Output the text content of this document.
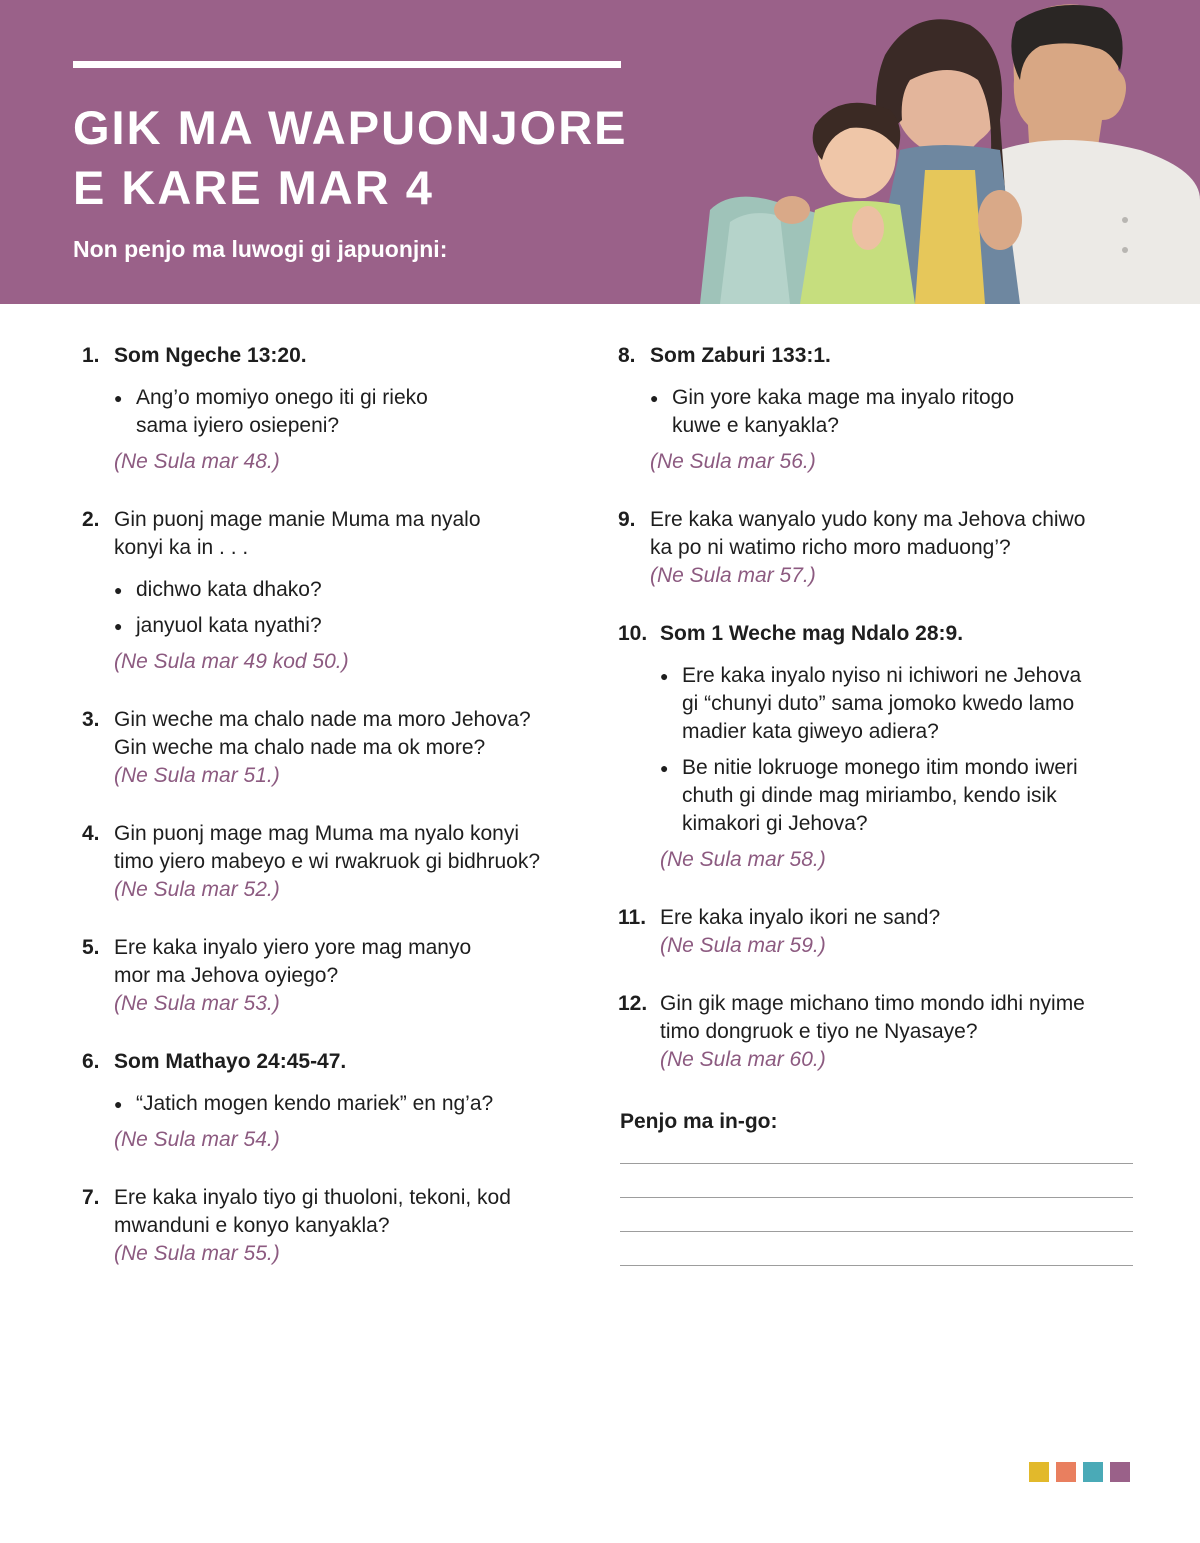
GIK MA WAPUONJORE
E KARE MAR 4

Non penjo ma luwogi gi japuonjni:

1. Som Ngeche 13:20.

● Ang’o momiyo onego iti gi rieko
sama iyiero osiepeni?

(Ne Sula mar 48.)

2. Gin puonj mage manie Muma ma nyalo
konyi ka in . . .

● dichwo kata dhako?
● janyuol kata nyathi?

(Ne Sula mar 49 kod 50.)

3. Gin weche ma chalo nade ma moro Jehova?
Gin weche ma chalo nade ma ok more?

(Ne Sula mar 51.)

4. Gin puonj mage mag Muma ma nyalo konyi
timo yiero mabeyo e wi rwakruok gi bidhruok?

(Ne Sula mar 52.)

5. Ere kaka inyalo yiero yore mag manyo
mor ma Jehova oyiego?

(Ne Sula mar 53.)

6. Som Mathayo 24:45-47.

● “Jatich mogen kendo mariek” en ng’a?

(Ne Sula mar 54.)

7. Ere kaka inyalo tiyo gi thuoloni, tekoni, kod
mwanduni e konyo kanyakla?

(Ne Sula mar 55.)

8. Som Zaburi 133:1.

● Gin yore kaka mage ma inyalo ritogo
kuwe e kanyakla?

(Ne Sula mar 56.)

9. Ere kaka wanyalo yudo kony ma Jehova chiwo
ka po ni watimo richo moro maduong’?

(Ne Sula mar 57.)

10. Som 1 Weche mag Ndalo 28:9.

● Ere kaka inyalo nyiso ni ichiwori ne Jehova
gi “chunyi duto” sama jomoko kwedo lamo
madier kata giweyo adiera?
● Be nitie lokruoge monego itim mondo iweri
chuth gi dinde mag miriambo, kendo isik
kimakori gi Jehova?

(Ne Sula mar 58.)

11. Ere kaka inyalo ikori ne sand?

(Ne Sula mar 59.)

12. Gin gik mage michano timo mondo idhi nyime
timo dongruok e tiyo ne Nyasaye?

(Ne Sula mar 60.)

Penjo ma in-go:
